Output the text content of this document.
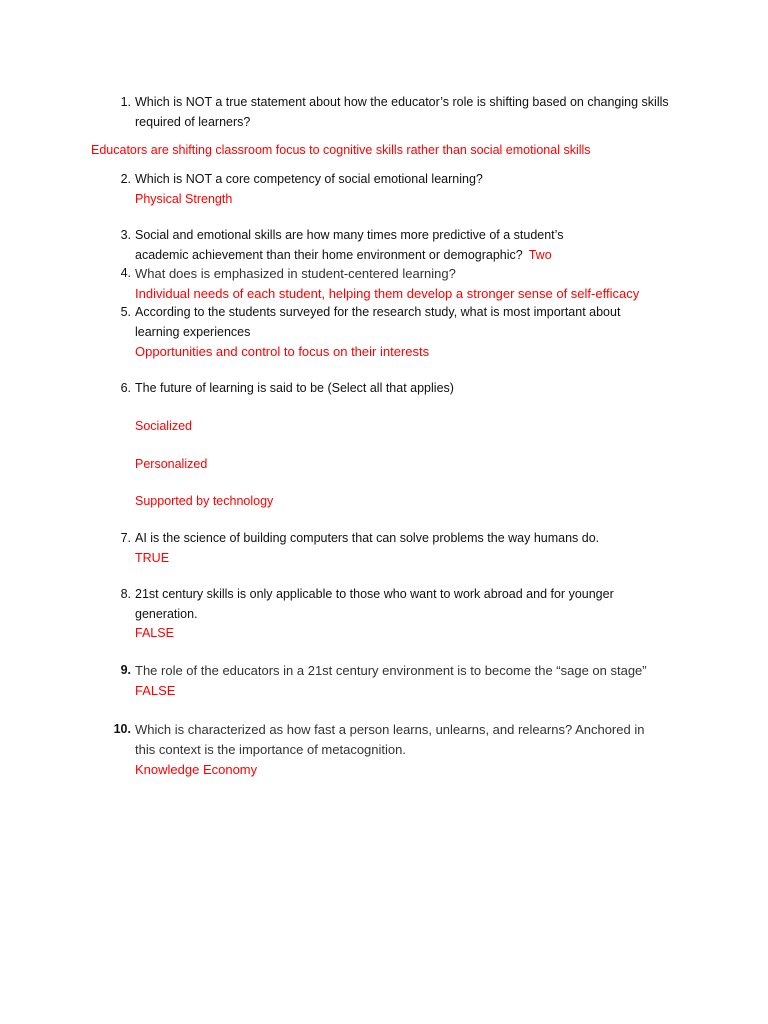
1. Which is NOT a true statement about how the educator’s role is shifting based on changing skills required of learners?
Educators are shifting classroom focus to cognitive skills rather than social emotional skills
2. Which is NOT a core competency of social emotional learning?
Physical Strength
3. Social and emotional skills are how many times more predictive of a student’s academic achievement than their home environment or demographic? Two
4. What does is emphasized in student-centered learning?
Individual needs of each student, helping them develop a stronger sense of self-efficacy
5. According to the students surveyed for the research study, what is most important about learning experiences
Opportunities and control to focus on their interests
6. The future of learning is said to be (Select all that applies)
Socialized
Personalized
Supported by technology
7. AI is the science of building computers that can solve problems the way humans do.
TRUE
8. 21st century skills is only applicable to those who want to work abroad and for younger generation.
FALSE
9. The role of the educators in a 21st century environment is to become the “sage on stage”
FALSE
10. Which is characterized as how fast a person learns, unlearns, and relearns? Anchored in this context is the importance of metacognition.
Knowledge Economy
